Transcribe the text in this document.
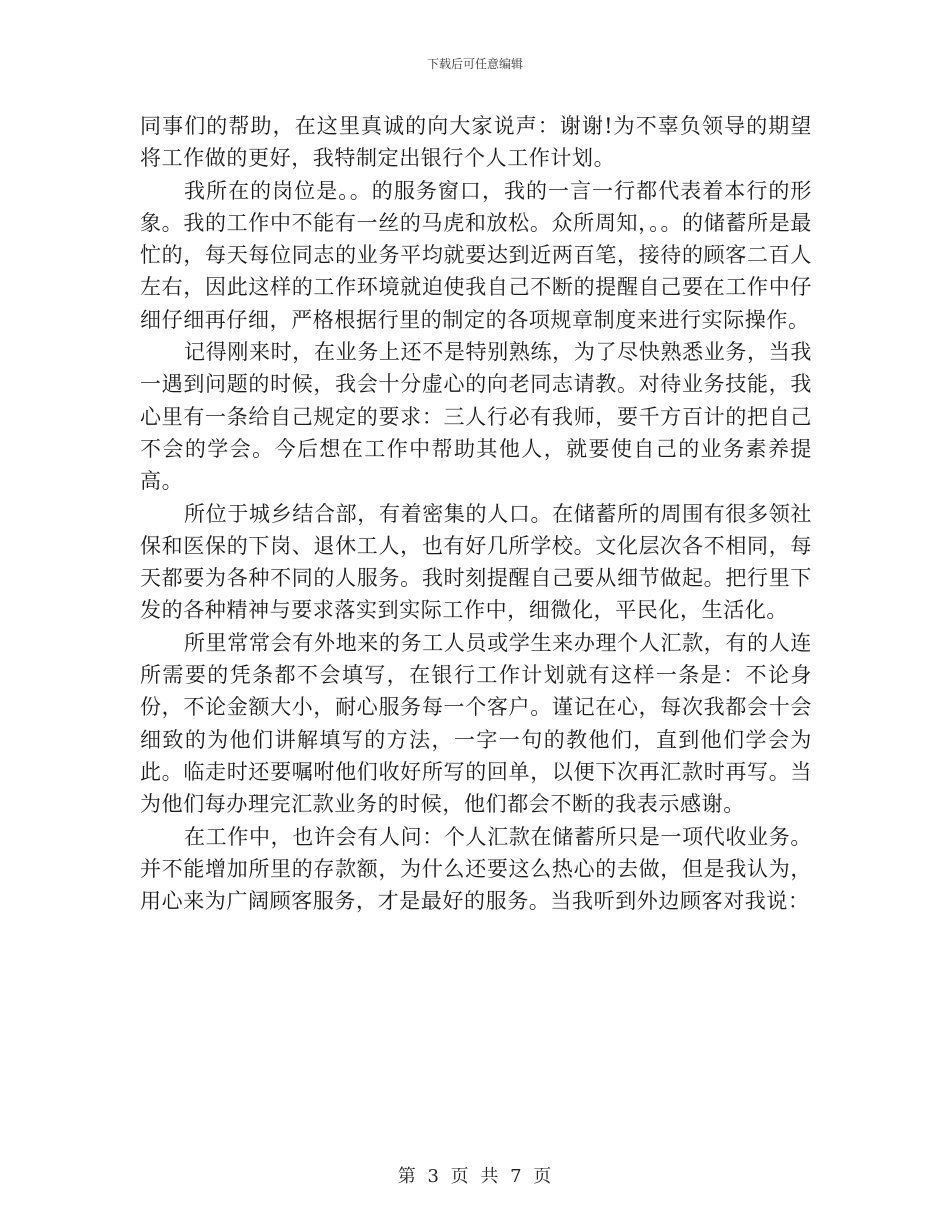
下载后可任意编辑

同事们的帮助，在这里真诚的向大家说声：谢谢!为不辜负领导的期望将工作做的更好，我特制定出银行个人工作计划。

我所在的岗位是。。的服务窗口，我的一言一行都代表着本行的形象。我的工作中不能有一丝的马虎和放松。众所周知，。。的储蓄所是最忙的，每天每位同志的业务平均就要达到近两百笔，接待的顾客二百人左右，因此这样的工作环境就迫使我自己不断的提醒自己要在工作中仔细仔细再仔细，严格根据行里的制定的各项规章制度来进行实际操作。

记得刚来时，在业务上还不是特别熟练，为了尽快熟悉业务，当我一遇到问题的时候，我会十分虚心的向老同志请教。对待业务技能，我心里有一条给自己规定的要求：三人行必有我师，要千方百计的把自己不会的学会。今后想在工作中帮助其他人，就要使自己的业务素养提高。

所位于城乡结合部，有着密集的人口。在储蓄所的周围有很多领社保和医保的下岗、退休工人，也有好几所学校。文化层次各不相同，每天都要为各种不同的人服务。我时刻提醒自己要从细节做起。把行里下发的各种精神与要求落实到实际工作中，细微化，平民化，生活化。

所里常常会有外地来的务工人员或学生来办理个人汇款，有的人连所需要的凭条都不会填写，在银行工作计划就有这样一条是：不论身份，不论金额大小，耐心服务每一个客户。谨记在心，每次我都会十会细致的为他们讲解填写的方法，一字一句的教他们，直到他们学会为此。临走时还要嘱咐他们收好所写的回单，以便下次再汇款时再写。当为他们每办理完汇款业务的时候，他们都会不断的我表示感谢。

在工作中，也许会有人问：个人汇款在储蓄所只是一项代收业务。并不能增加所里的存款额，为什么还要这么热心的去做，但是我认为，用心来为广阔顾客服务，才是最好的服务。当我听到外边顾客对我说：

第 3 页 共 7 页
